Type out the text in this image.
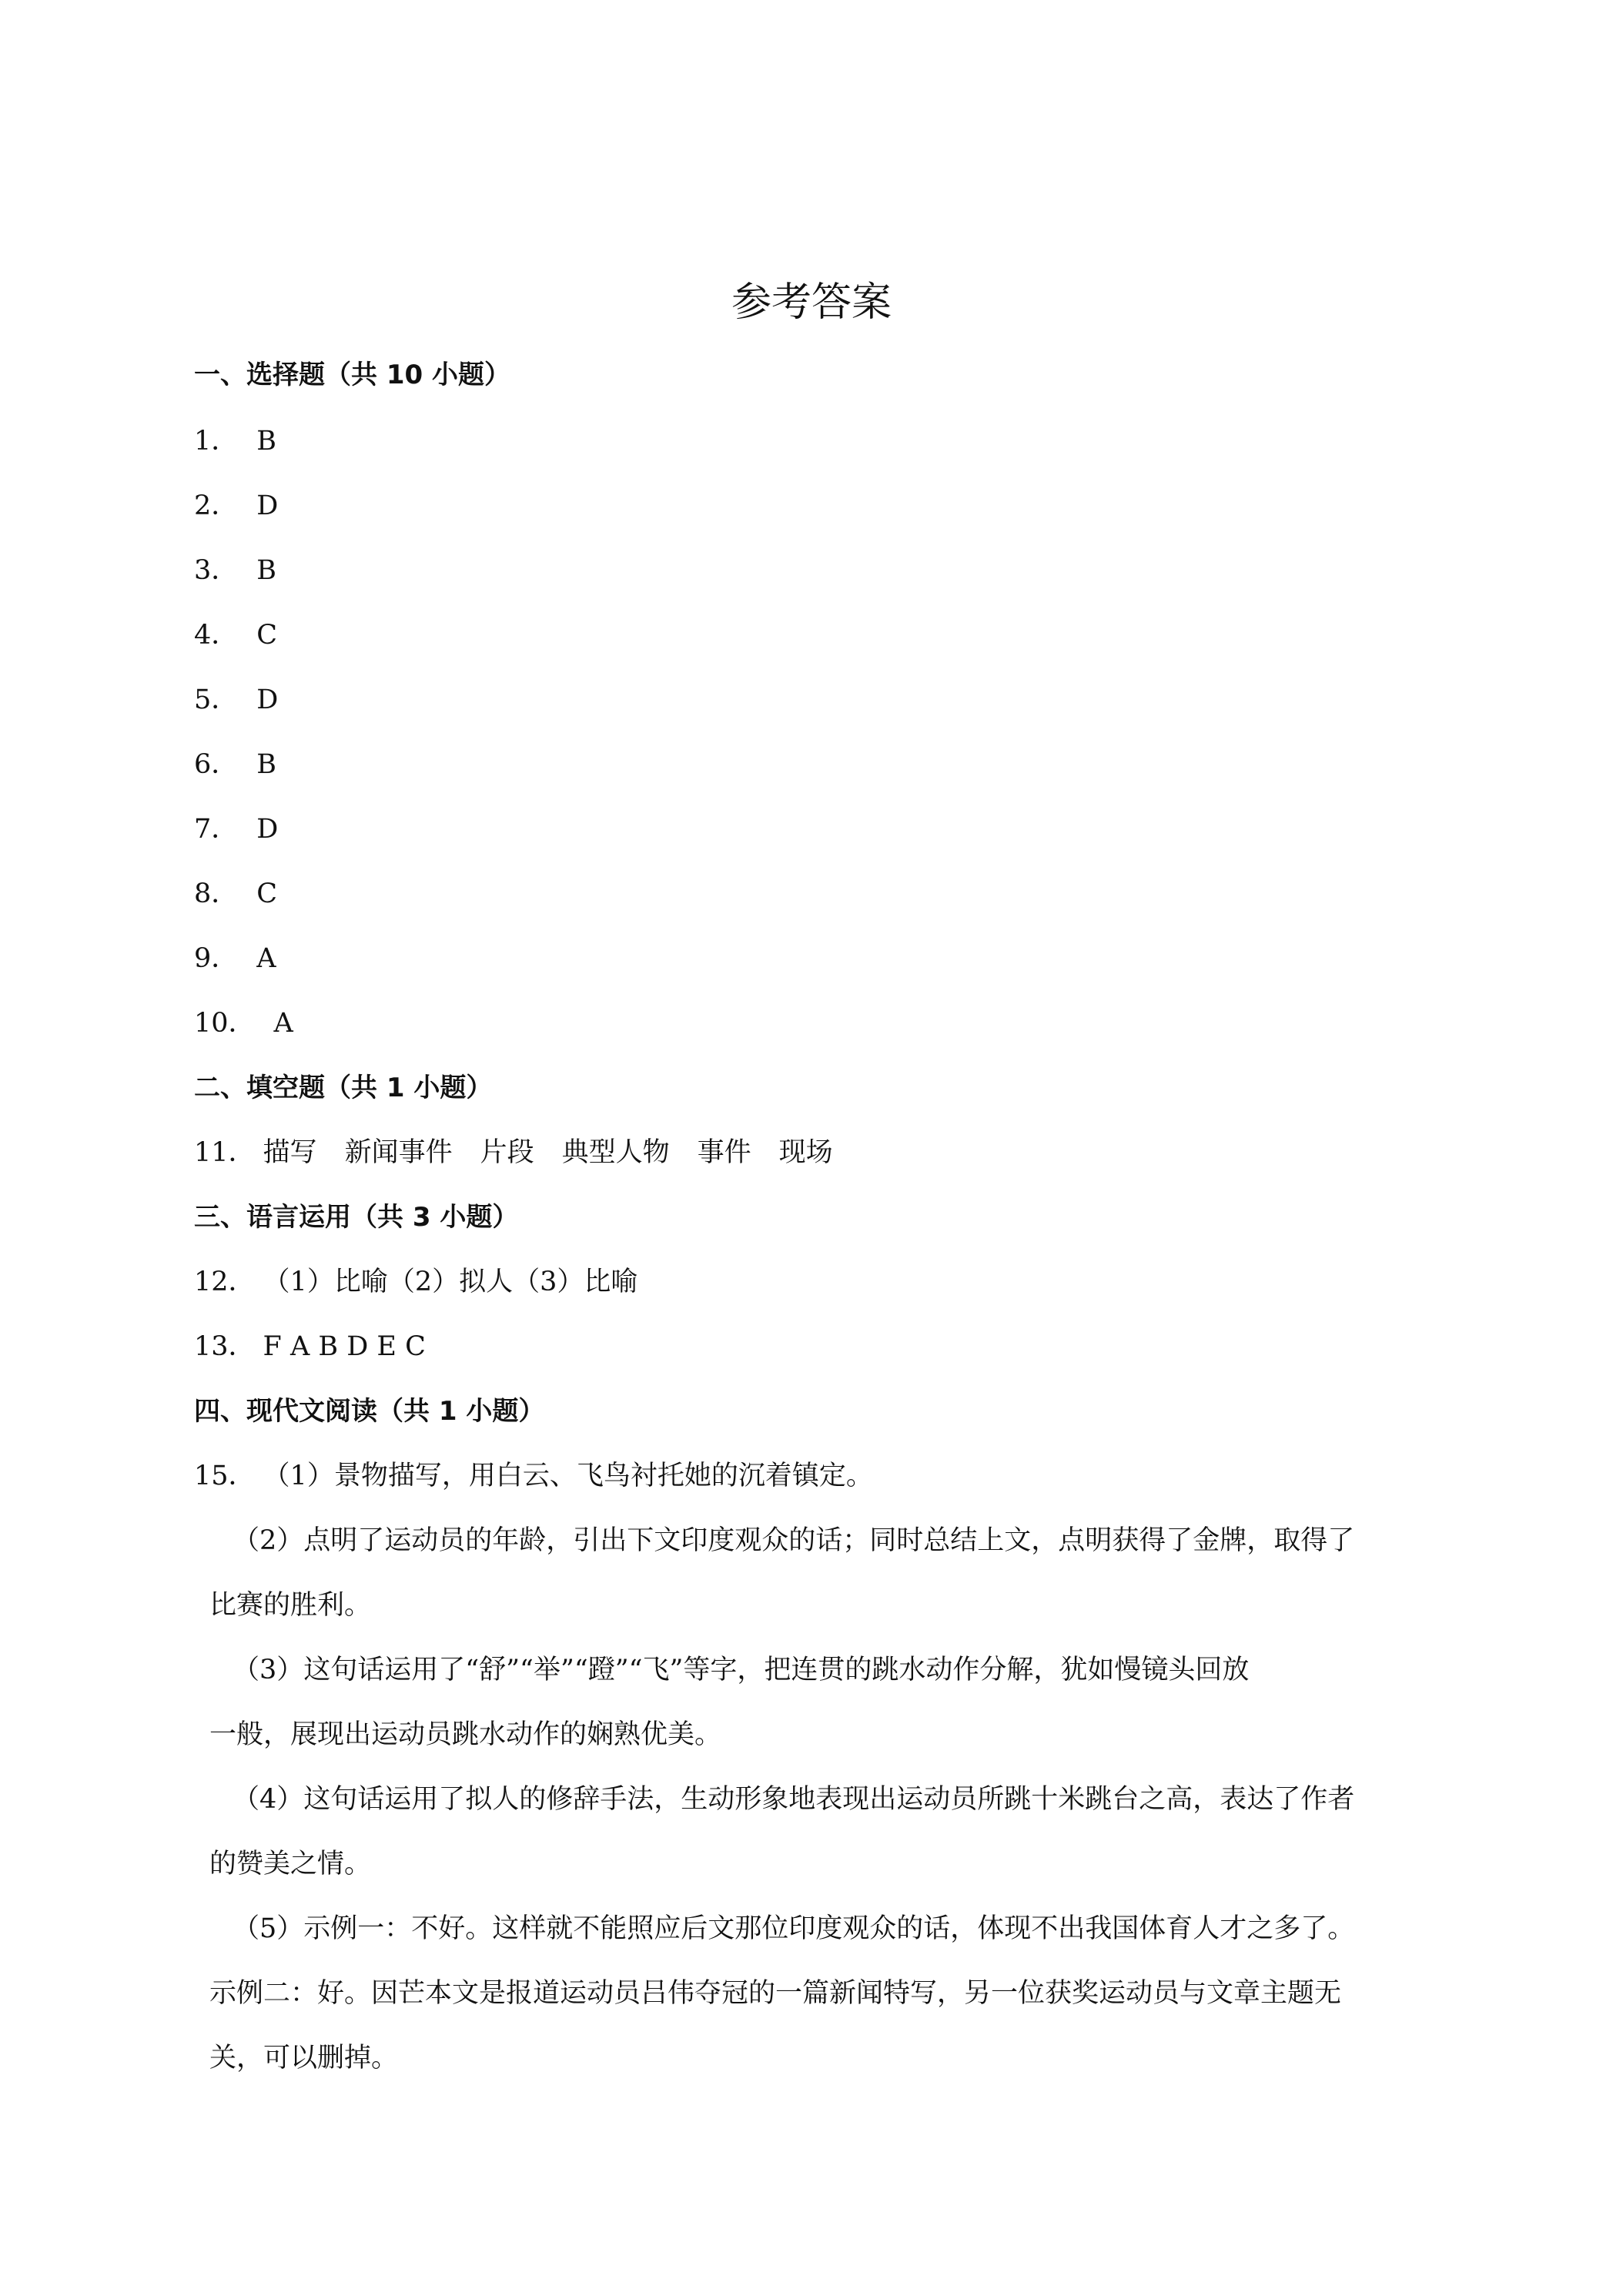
参考答案
一、选择题（共 10 小题）
1． B
2． D
3． B
4． C
5． D
6． B
7． D
8． C
9． A
10． A
二、填空题（共 1 小题）
11． 描写 新闻事件 片段 典型人物 事件 现场
三、语言运用（共 3 小题）
12． （1）比喻（2）拟人（3）比喻
13． F A B D E C
四、现代文阅读（共 1 小题）
15． （1）景物描写，用白云、飞鸟衬托她的沉着镇定。
（2）点明了运动员的年龄，引出下文印度观众的话；同时总结上文，点明获得了金牌，取得了
比赛的胜利。
（3）这句话运用了“舒”“举”“蹬”“飞”等字，把连贯的跳水动作分解，犹如慢镜头回放
一般，展现出运动员跳水动作的娴熟优美。
（4）这句话运用了拟人的修辞手法，生动形象地表现出运动员所跳十米跳台之高，表达了作者
的赞美之情。
（5）示例一：不好。这样就不能照应后文那位印度观众的话，体现不出我国体育人才之多了。
示例二：好。因芒本文是报道运动员吕伟夺冠的一篇新闻特写，另一位获奖运动员与文章主题无
关，可以删掉。
